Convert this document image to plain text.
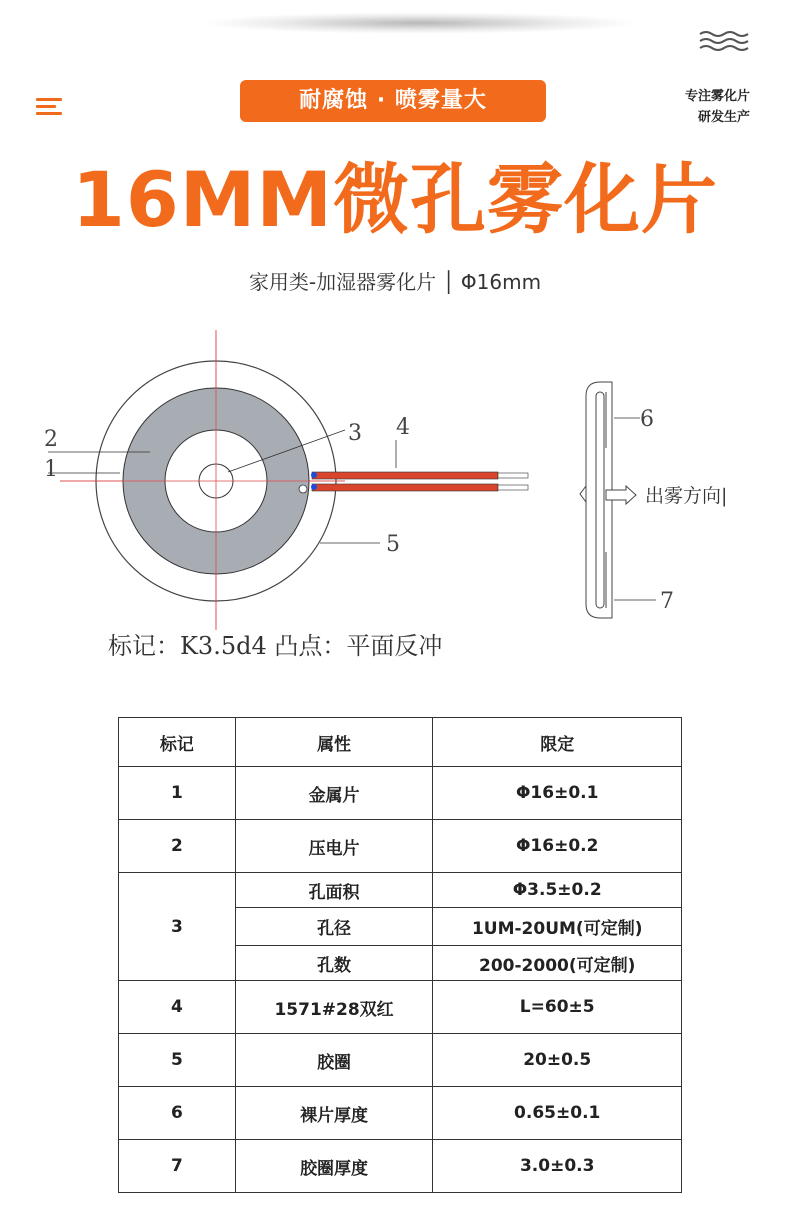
耐腐蚀 · 喷雾量大	专注雾化片
研发生产
16MM微孔雾化片
家用类-加湿器雾化片 │ Φ16mm
2
1
3 4
5
6
7
出雾方向|
标记：K3.5d4 凸点：平面反冲
标记	属性	限定
1	金属片	Φ16±0.1
2	压电片	Φ16±0.2
3	孔面积	Φ3.5±0.2
	孔径	1UM-20UM(可定制)
	孔数	200-2000(可定制)
4	1571#28双红	L=60±5
5	胶圈	20±0.5
6	裸片厚度	0.65±0.1
7	胶圈厚度	3.0±0.3
